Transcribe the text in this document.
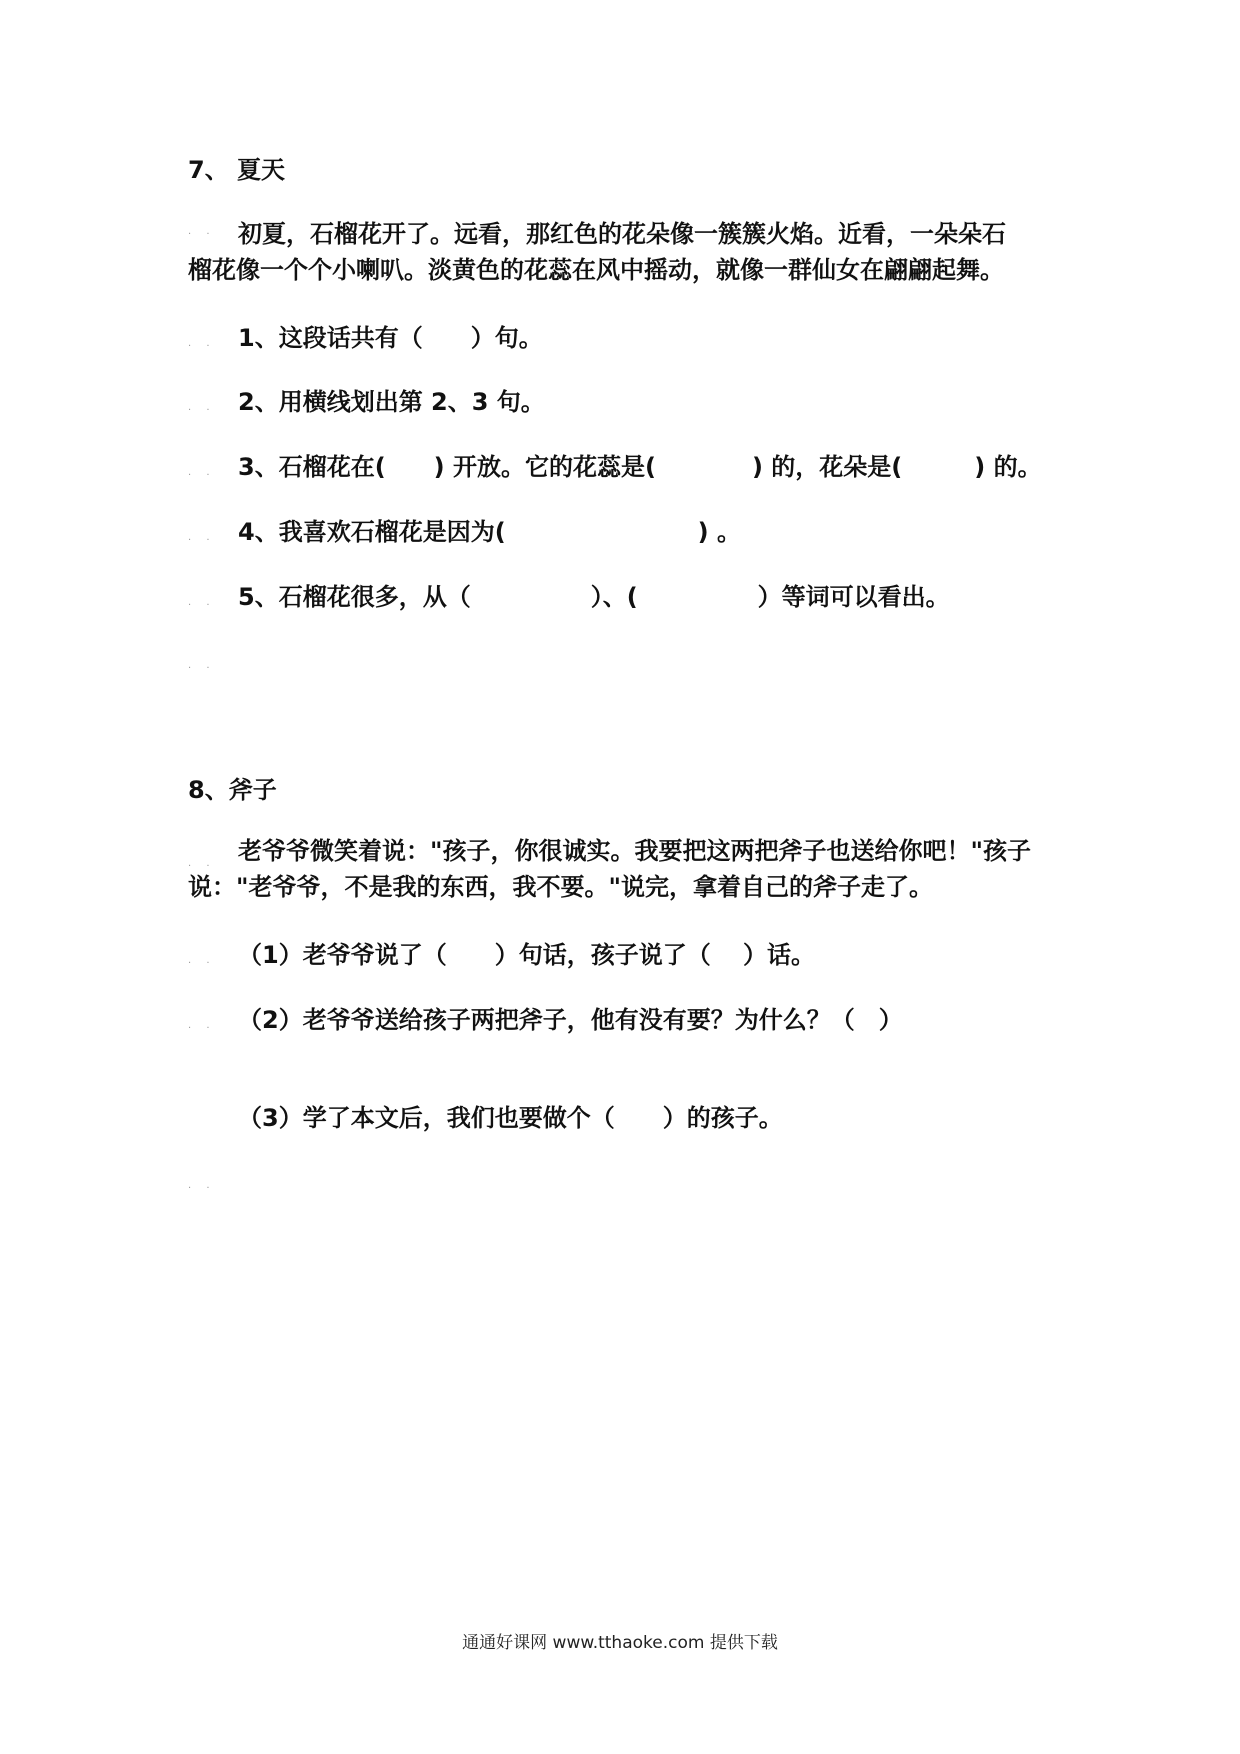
7、 夏天
. . 初夏，石榴花开了。远看，那红色的花朵像一簇簇火焰。近看，一朵朵石
榴花像一个个小喇叭。淡黄色的花蕊在风中摇动，就像一群仙女在翩翩起舞。
. . 1、这段话共有（　　）句。
. . 2、用横线划出第 2、3 句。
. . 3、石榴花在(　　) 开放。它的花蕊是(　　　　) 的，花朵是(　　　) 的。
. . 4、我喜欢石榴花是因为(　　　　　　　　) 。
. . 5、石榴花很多，从（　　　　　）、(　　　　　）等词可以看出。
. .
8、斧子
. . 老爷爷微笑着说："孩子，你很诚实。我要把这两把斧子也送给你吧！"孩子
说："老爷爷，不是我的东西，我不要。"说完，拿着自己的斧子走了。
. . （1）老爷爷说了（　　）句话，孩子说了（　 ）话。
. . （2）老爷爷送给孩子两把斧子，他有没有要？为什么？（　）
（3）学了本文后，我们也要做个（　　）的孩子。
. .
通通好课网 www.tthaoke.com 提供下载
